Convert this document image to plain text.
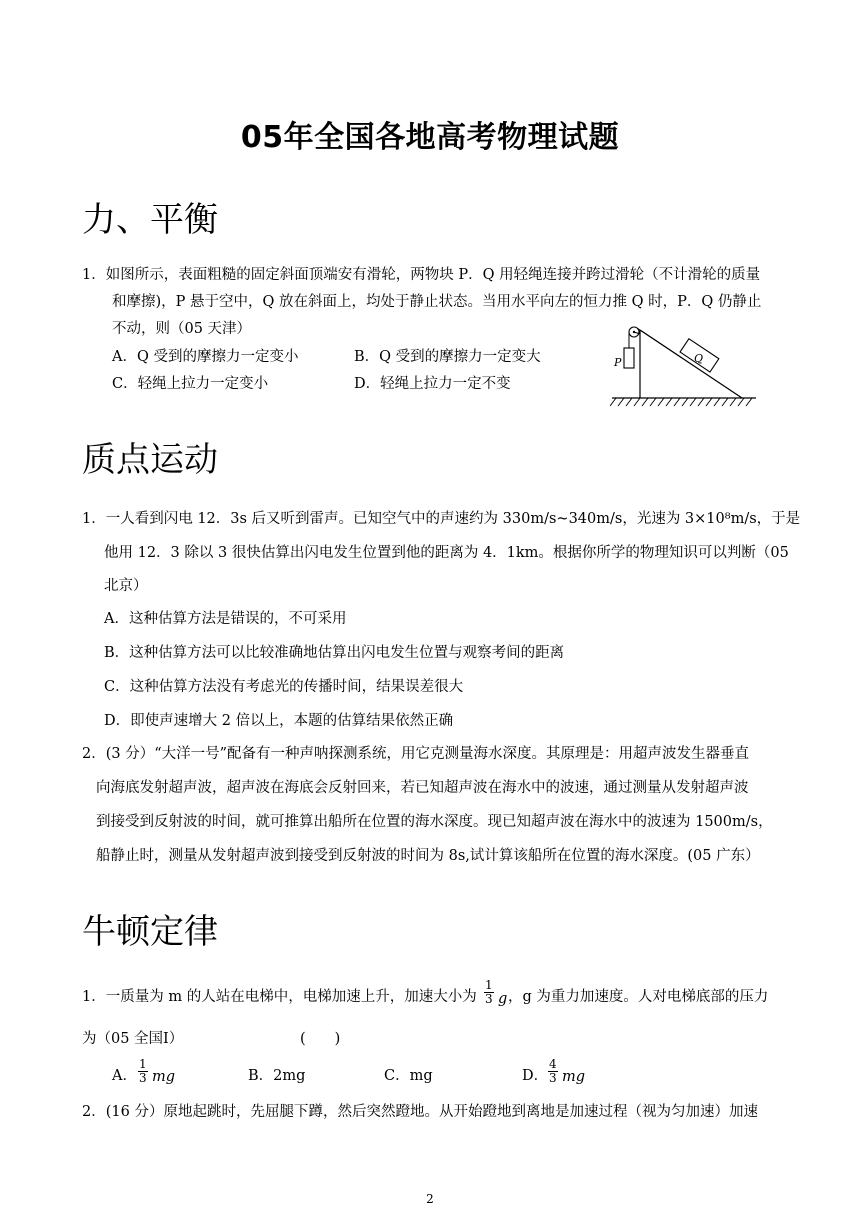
05年全国各地高考物理试题
力、平衡
1．如图所示，表面粗糙的固定斜面顶端安有滑轮，两物块 P．Q 用轻绳连接并跨过滑轮（不计滑轮的质量
和摩擦)，P 悬于空中，Q 放在斜面上，均处于静止状态。当用水平向左的恒力推 Q 时，P．Q 仍静止
不动，则（05 天津）
A．Q 受到的摩擦力一定变小	B．Q 受到的摩擦力一定变大
C．轻绳上拉力一定变小	D．轻绳上拉力一定不变
P	Q
质点运动
1．一人看到闪电 12．3s 后又听到雷声。已知空气中的声速约为 330m/s~340m/s，光速为 3×10⁸m/s，于是
他用 12．3 除以 3 很快估算出闪电发生位置到他的距离为 4．1km。根据你所学的物理知识可以判断（05
北京）
A．这种估算方法是错误的，不可采用
B．这种估算方法可以比较准确地估算出闪电发生位置与观察考间的距离
C．这种估算方法没有考虑光的传播时间，结果误差很大
D．即使声速增大 2 倍以上，本题的估算结果依然正确
2．(3 分）“大洋一号”配备有一种声呐探测系统，用它克测量海水深度。其原理是：用超声波发生器垂直
向海底发射超声波，超声波在海底会反射回来，若已知超声波在海水中的波速，通过测量从发射超声波
到接受到反射波的时间，就可推算出船所在位置的海水深度。现已知超声波在海水中的波速为 1500m/s，
船静止时，测量从发射超声波到接受到反射波的时间为 8s,试计算该船所在位置的海水深度。(05 广东）
牛顿定律
1．一质量为 m 的人站在电梯中，电梯加速上升，加速大小为 $\frac{1}{3}$ g ，g 为重力加速度。人对电梯底部的压力
为（05 全国Ⅰ）	(　　)
A． $\frac{1}{3}$ mg	B．2mg	C．mg	D． $\frac{4}{3}$ mg
2．(16 分）原地起跳时，先屈腿下蹲，然后突然蹬地。从开始蹬地到离地是加速过程（视为匀加速）加速
2
